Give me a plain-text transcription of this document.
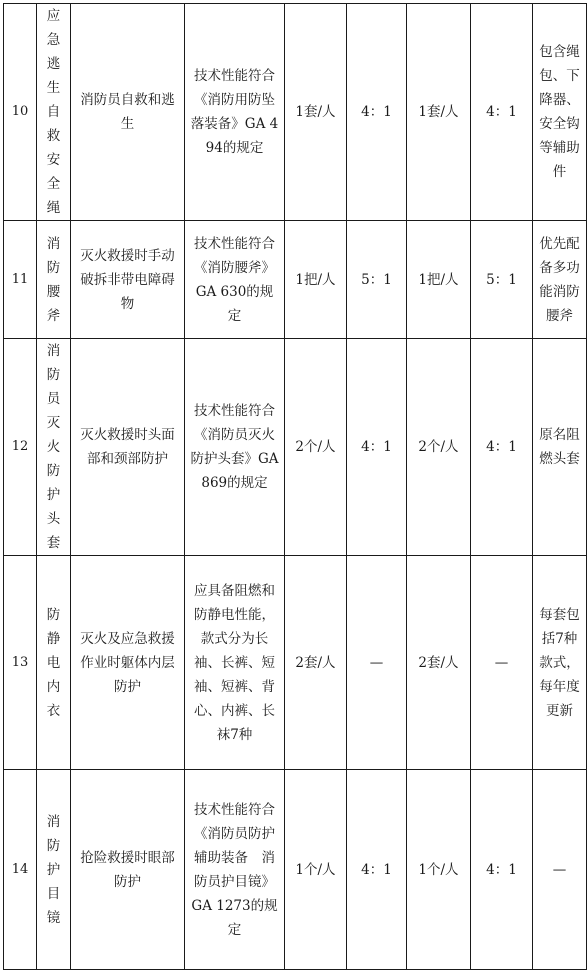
10	应急逃生自救安全绳	消防员自救和逃生	技术性能符合《消防用防坠落装备》GA 494的规定	1套/人	4：1	1套/人	4：1	包含绳包、下降器、安全钩等辅助件
11	消防腰斧	灭火救援时手动破拆非带电障碍物	技术性能符合《消防腰斧》GA 630的规定	1把/人	5：1	1把/人	5：1	优先配备多功能消防腰斧
12	消防员灭火防护头套	灭火救援时头面部和颈部防护	技术性能符合《消防员灭火防护头套》GA 869的规定	2个/人	4：1	2个/人	4：1	原名阻燃头套
13	防静电内衣	灭火及应急救援作业时躯体内层防护	应具备阻燃和防静电性能，款式分为长袖、长裤、短袖、短裤、背心、内裤、长袜7种	2套/人	—	2套/人	—	每套包括7种款式，每年度更新
14	消防护目镜	抢险救援时眼部防护	技术性能符合《消防员防护辅助装备　消防员护目镜》GA 1273的规定	1个/人	4：1	1个/人	4：1	—
